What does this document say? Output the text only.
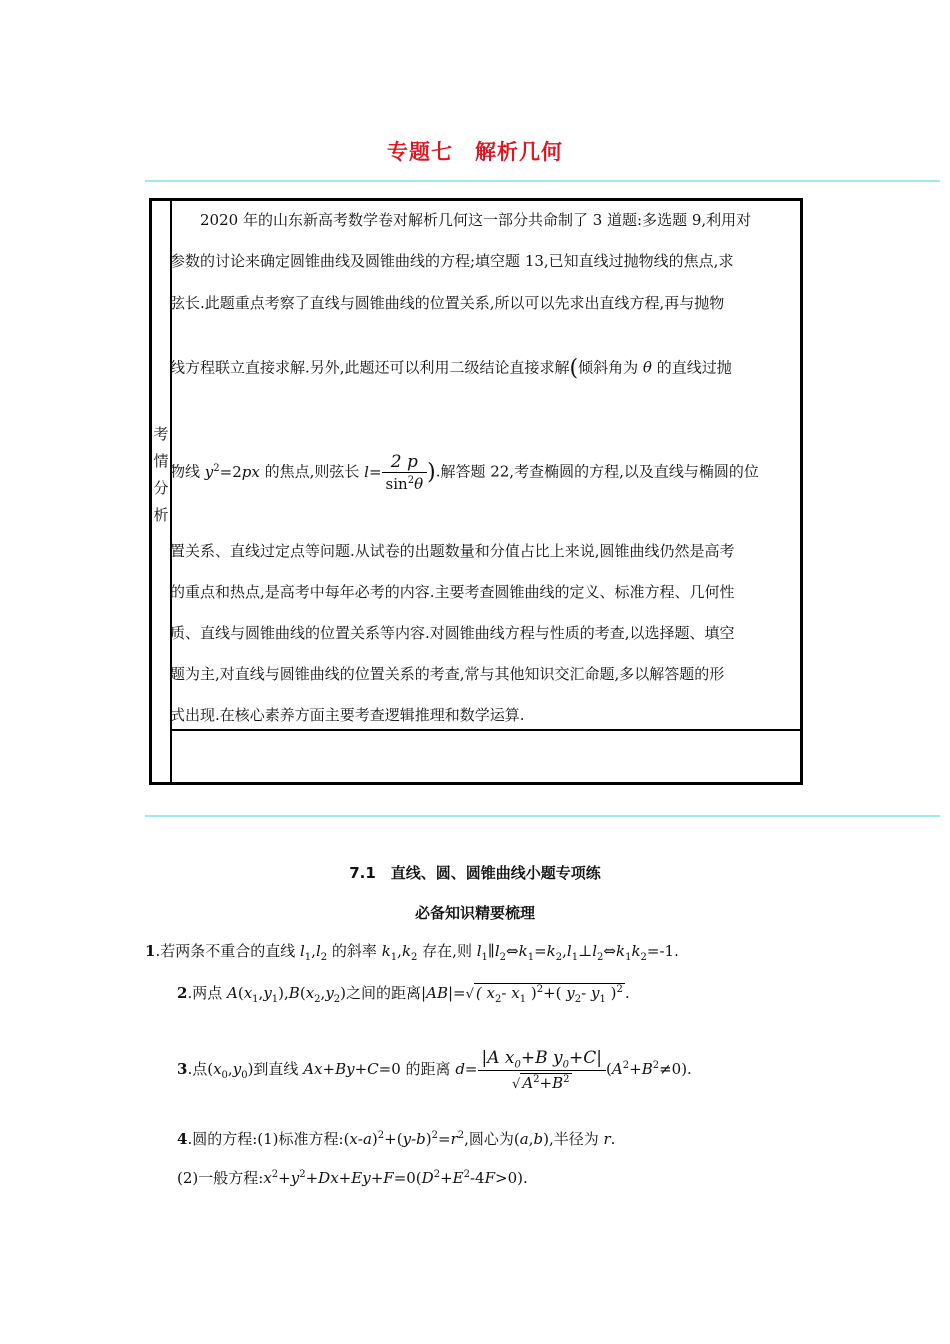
专题七　解析几何
考
情
分
析
2020 年的山东新高考数学卷对解析几何这一部分共命制了 3 道题:多选题 9,利用对
参数的讨论来确定圆锥曲线及圆锥曲线的方程;填空题 13,已知直线过抛物线的焦点,求
弦长.此题重点考察了直线与圆锥曲线的位置关系,所以可以先求出直线方程,再与抛物
线方程联立直接求解.另外,此题还可以利用二级结论直接求解(倾斜角为 θ 的直线过抛
物线 $y^2=2px$ 的焦点,则弦长 $l= \frac{2 p}{\sin^2\theta}$ ).解答题 22,考查椭圆的方程,以及直线与椭圆的位
置关系、直线过定点等问题.从试卷的出题数量和分值占比上来说,圆锥曲线仍然是高考
的重点和热点,是高考中每年必考的内容.主要考查圆锥曲线的定义、标准方程、几何性
质、直线与圆锥曲线的位置关系等内容.对圆锥曲线方程与性质的考查,以选择题、填空
题为主,对直线与圆锥曲线的位置关系的考查,常与其他知识交汇命题,多以解答题的形
式出现.在核心素养方面主要考查逻辑推理和数学运算.
7.1　直线、圆、圆锥曲线小题专项练
必备知识精要梳理
1.若两条不重合的直线 $l_1,l_2$ 的斜率 $k_1,k_2$ 存在,则 $l_1\parallel l_2\Leftrightarrow k_1=k_2,l_1\perp l_2\Leftrightarrow k_1k_2=-1$.
2.两点 $A(x_1,y_1),B(x_2,y_2)$之间的距离|AB|=√ ( $x_2-$ $x_1$ )$^2$+( $y_2-$ $y_1$ )$^2$ .
3.点$(x_0,y_0)$到直线 Ax+By+C=0 的距离 $d= \frac{|A x_0+B y_0+C|}{√ A^2+B^2} (A^2+B^2\ne 0)$.
4.圆的方程:(1)标准方程$:(x-a)^2+(y-b)^2=r^2$,圆心为(a,b),半径为 r.
(2)一般方程$:x^2+y^2+Dx+Ey+F=0(D^2+E^2-4F>0)$.
